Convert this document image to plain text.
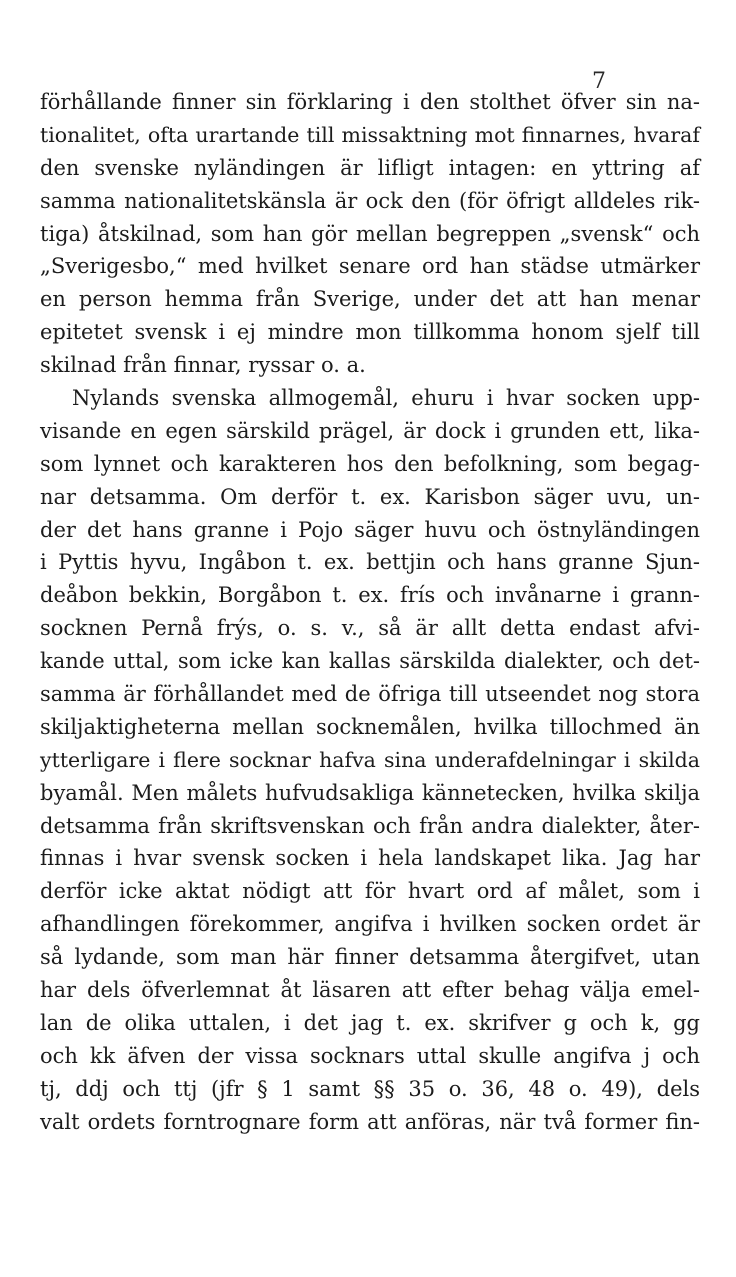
7
förhållande finner sin förklaring i den stolthet öfver sin na-
tionalitet, ofta urartande till missaktning mot finnarnes, hvaraf
den svenske nyländingen är lifligt intagen: en yttring af
samma nationalitetskänsla är ock den (för öfrigt alldeles rik-
tiga) åtskilnad, som han gör mellan begreppen „svensk“ och
„Sverigesbo,“ med hvilket senare ord han städse utmärker
en person hemma från Sverige, under det att han menar
epitetet svensk i ej mindre mon tillkomma honom sjelf till
skilnad från finnar, ryssar o. a.
Nylands svenska allmogemål, ehuru i hvar socken upp-
visande en egen särskild prägel, är dock i grunden ett, lika-
som lynnet och karakteren hos den befolkning, som begag-
nar detsamma. Om derför t. ex. Karisbon säger uvu, un-
der det hans granne i Pojo säger huvu och östnyländingen
i Pyttis hyvu, Ingåbon t. ex. bettjin och hans granne Sjun-
deåbon bekkin, Borgåbon t. ex. frís och invånarne i grann-
socknen Pernå frýs, o. s. v., så är allt detta endast afvi-
kande uttal, som icke kan kallas särskilda dialekter, och det-
samma är förhållandet med de öfriga till utseendet nog stora
skiljaktigheterna mellan socknemålen, hvilka tillochmed än
ytterligare i flere socknar hafva sina underafdelningar i skilda
byamål. Men målets hufvudsakliga kännetecken, hvilka skilja
detsamma från skriftsvenskan och från andra dialekter, åter-
finnas i hvar svensk socken i hela landskapet lika. Jag har
derför icke aktat nödigt att för hvart ord af målet, som i
afhandlingen förekommer, angifva i hvilken socken ordet är
så lydande, som man här finner detsamma återgifvet, utan
har dels öfverlemnat åt läsaren att efter behag välja emel-
lan de olika uttalen, i det jag t. ex. skrifver g och k, gg
och kk äfven der vissa socknars uttal skulle angifva j och
tj, ddj och ttj (jfr § 1 samt §§ 35 o. 36, 48 o. 49), dels
valt ordets forntrognare form att anföras, när två former fin-
